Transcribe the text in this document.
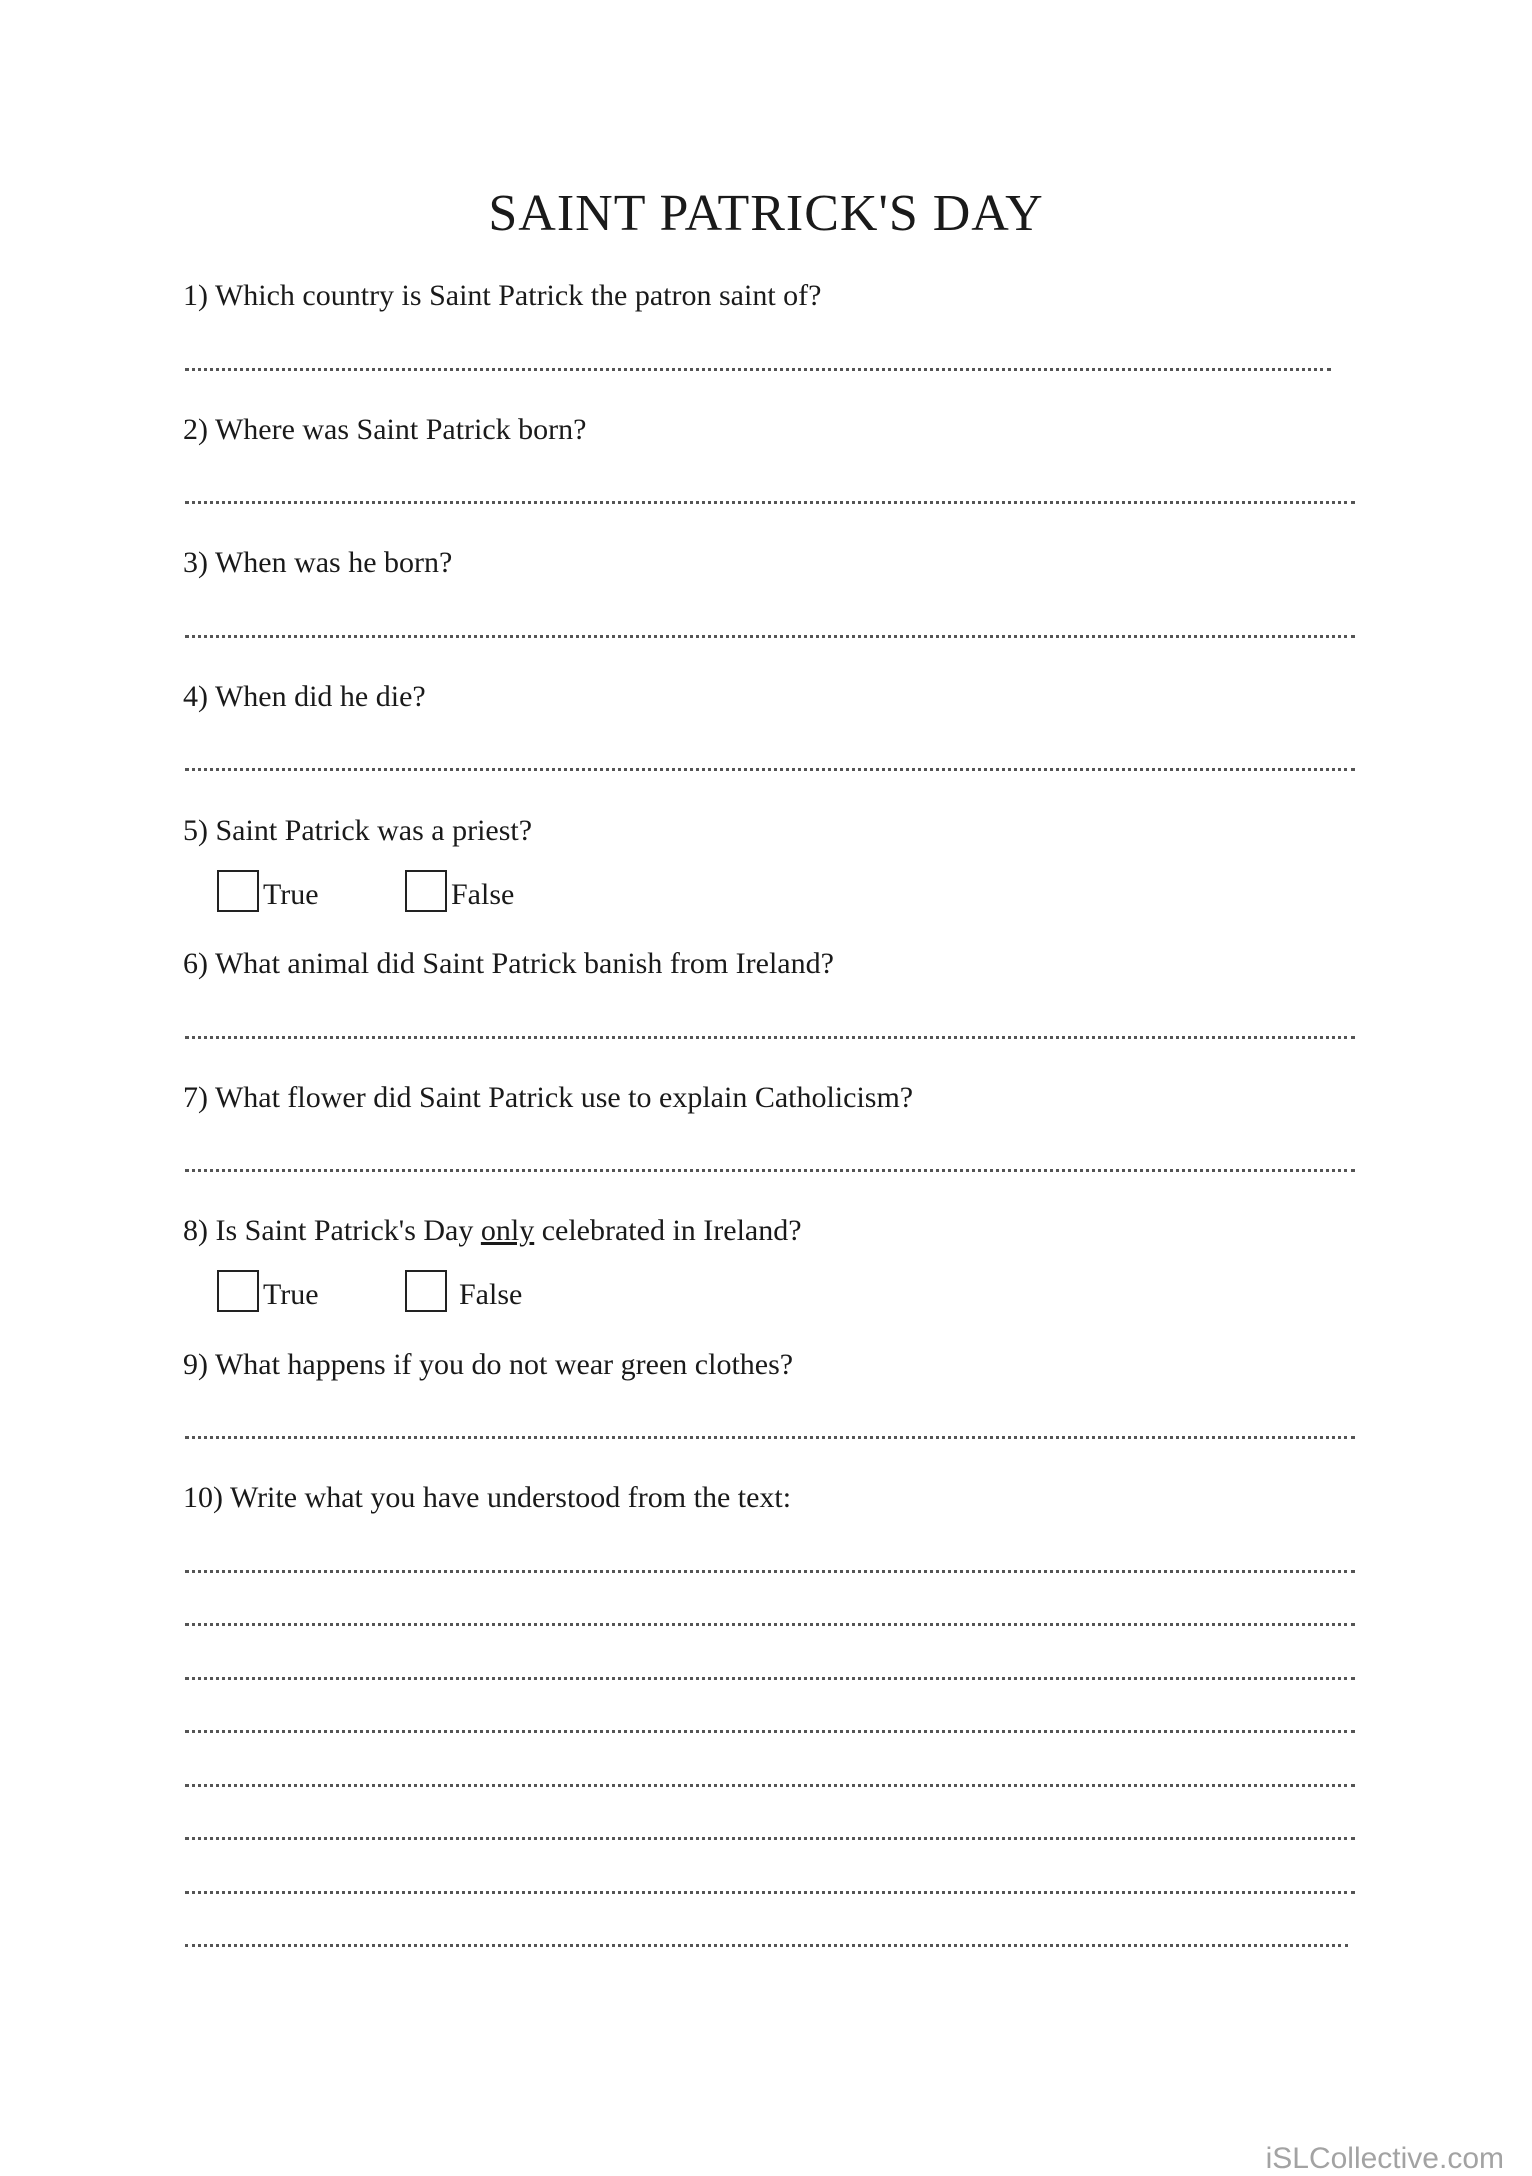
SAINT PATRICK'S DAY
1) Which country is Saint Patrick the patron saint of?
2) Where was Saint Patrick born?
3) When was he born?
4) When did he die?
5) Saint Patrick was a priest?
True	False
6) What animal did Saint Patrick banish from Ireland?
7) What flower did Saint Patrick use to explain Catholicism?
8) Is Saint Patrick's Day only celebrated in Ireland?
True	False
9) What happens if you do not wear green clothes?
10) Write what you have understood from the text:
iSLCollective.com
